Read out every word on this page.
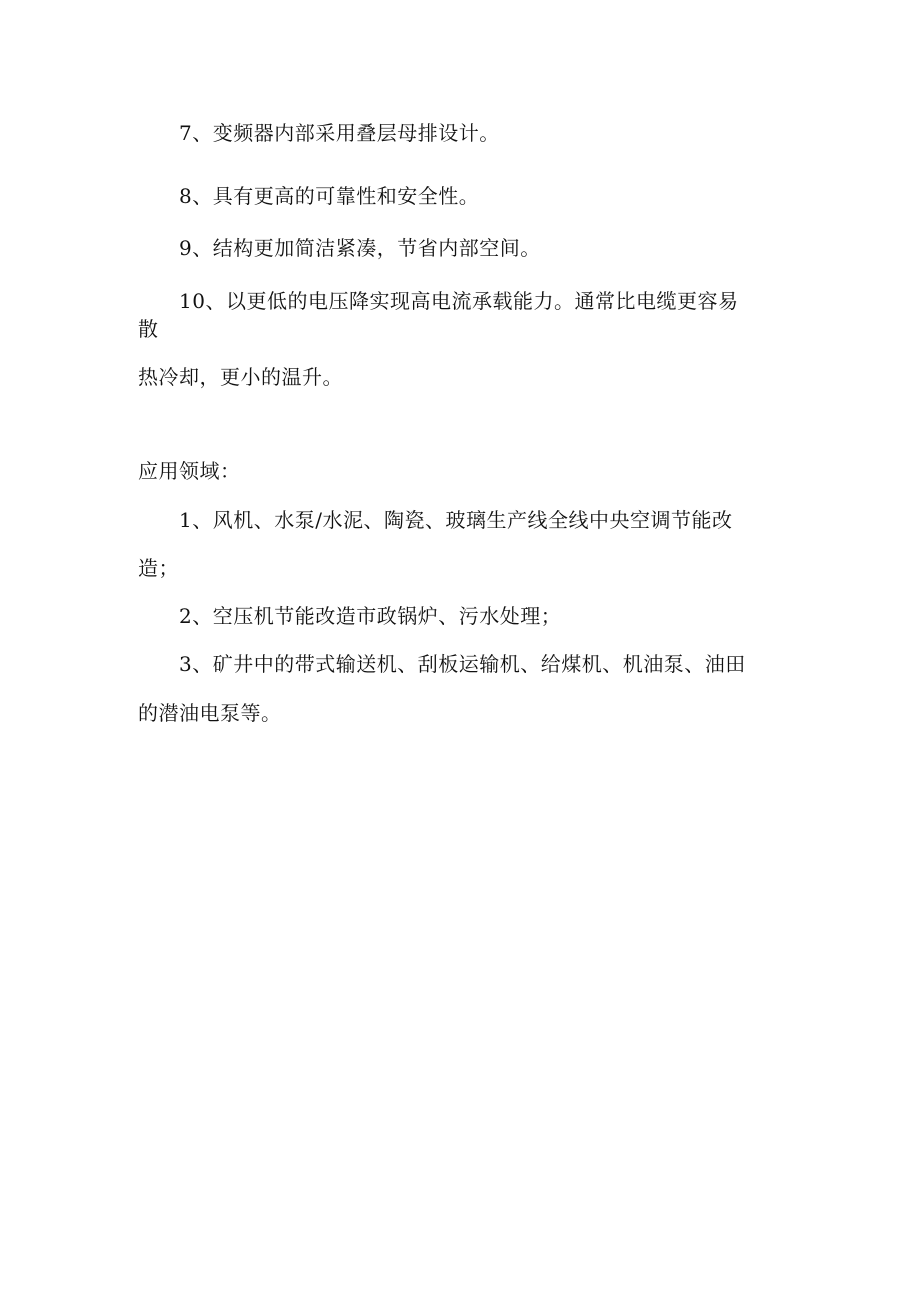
7、变频器内部采用叠层母排设计。
8、具有更高的可靠性和安全性。
9、结构更加简洁紧凑，节省内部空间。
10、以更低的电压降实现高电流承载能力。通常比电缆更容易
散
热冷却，更小的温升。
应用领域：
1、风机、水泵/水泥、陶瓷、玻璃生产线全线中央空调节能改
造；
2、空压机节能改造市政锅炉、污水处理；
3、矿井中的带式输送机、刮板运输机、给煤机、机油泵、油田
的潜油电泵等。
